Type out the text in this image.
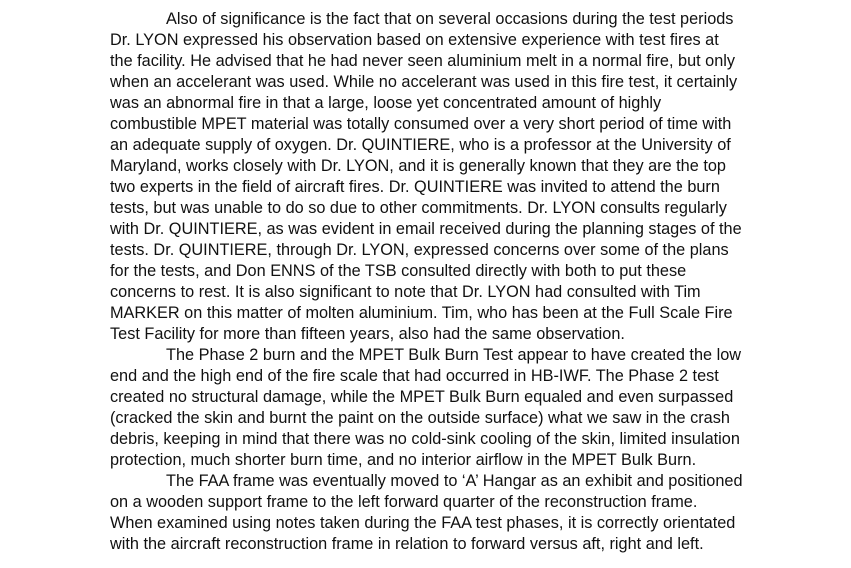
Also of significance is the fact that on several occasions during the test periods
Dr. LYON expressed his observation based on extensive experience with test fires at
the facility. He advised that he had never seen aluminium melt in a normal fire, but only
when an accelerant was used. While no accelerant was used in this fire test, it certainly
was an abnormal fire in that a large, loose yet concentrated amount of highly
combustible MPET material was totally consumed over a very short period of time with
an adequate supply of oxygen. Dr. QUINTIERE, who is a professor at the University of
Maryland, works closely with Dr. LYON, and it is generally known that they are the top
two experts in the field of aircraft fires. Dr. QUINTIERE was invited to attend the burn
tests, but was unable to do so due to other commitments. Dr. LYON consults regularly
with Dr. QUINTIERE, as was evident in email received during the planning stages of the
tests. Dr. QUINTIERE, through Dr. LYON, expressed concerns over some of the plans
for the tests, and Don ENNS of the TSB consulted directly with both to put these
concerns to rest. It is also significant to note that Dr. LYON had consulted with Tim
MARKER on this matter of molten aluminium. Tim, who has been at the Full Scale Fire
Test Facility for more than fifteen years, also had the same observation.
The Phase 2 burn and the MPET Bulk Burn Test appear to have created the low
end and the high end of the fire scale that had occurred in HB-IWF. The Phase 2 test
created no structural damage, while the MPET Bulk Burn equaled and even surpassed
(cracked the skin and burnt the paint on the outside surface) what we saw in the crash
debris, keeping in mind that there was no cold-sink cooling of the skin, limited insulation
protection, much shorter burn time, and no interior airflow in the MPET Bulk Burn.
The FAA frame was eventually moved to ‘A’ Hangar as an exhibit and positioned
on a wooden support frame to the left forward quarter of the reconstruction frame.
When examined using notes taken during the FAA test phases, it is correctly orientated
with the aircraft reconstruction frame in relation to forward versus aft, right and left.
